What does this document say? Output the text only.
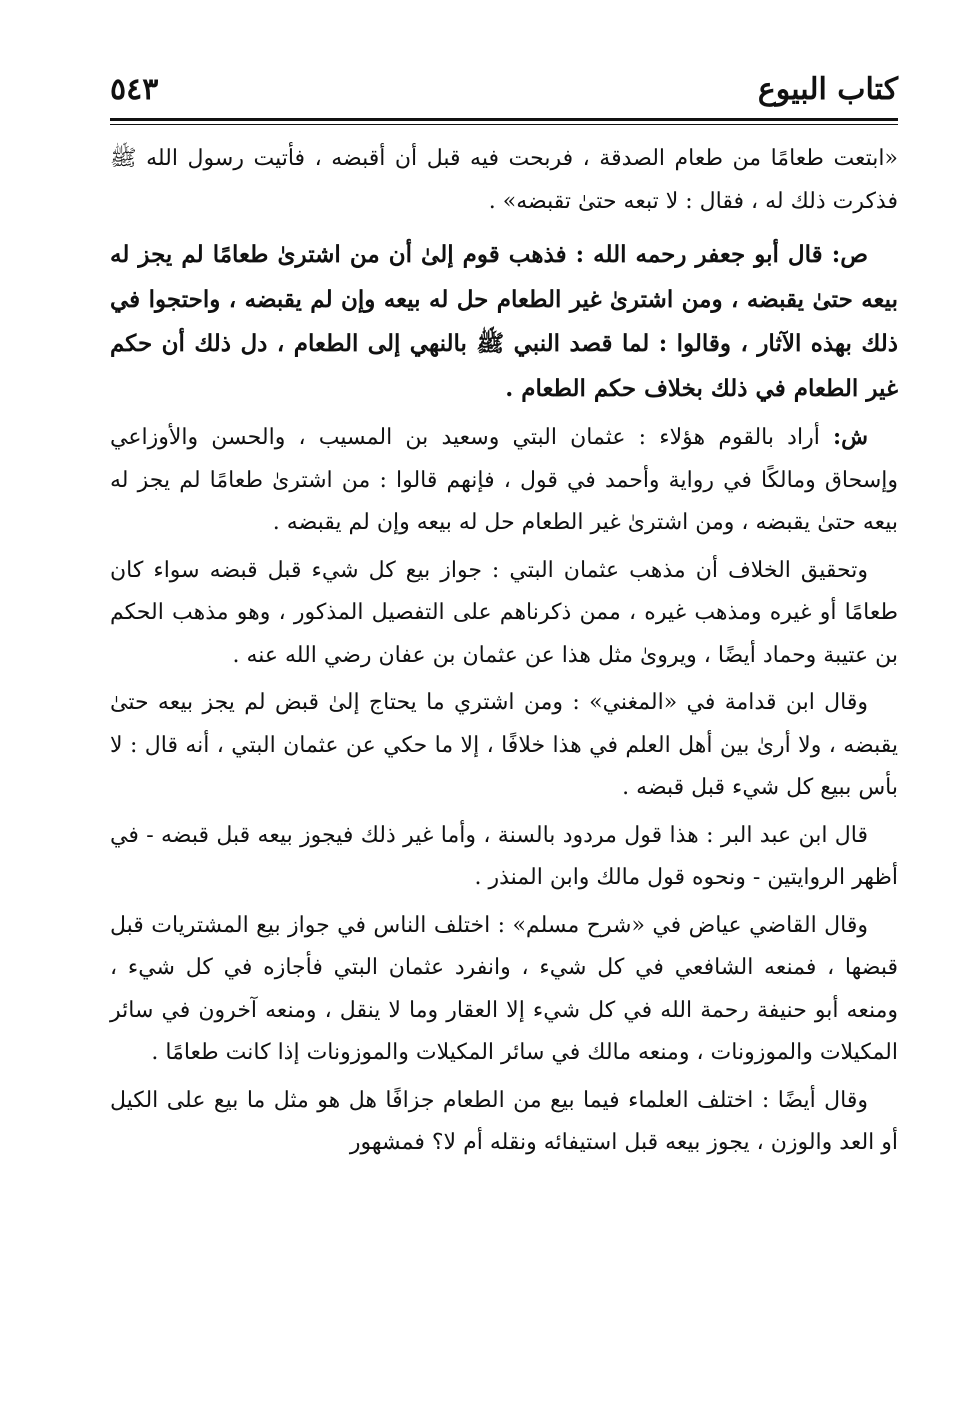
كتاب البيوع
٥٤٣

«ابتعت طعامًا من طعام الصدقة ، فربحت فيه قبل أن أقبضه ، فأتيت رسول الله ﷺ فذكرت ذلك له ، فقال : لا تبعه حتىٰ تقبضه» .

ص: قال أبو جعفر رحمه الله : فذهب قوم إلىٰ أن من اشترىٰ طعامًا لم يجز له بيعه حتىٰ يقبضه ، ومن اشترىٰ غير الطعام حل له بيعه وإن لم يقبضه ، واحتجوا في ذلك بهذه الآثار ، وقالوا : لما قصد النبي ﷺ بالنهي إلى الطعام ، دل ذلك أن حكم غير الطعام في ذلك بخلاف حكم الطعام .

ش: أراد بالقوم هؤلاء : عثمان البتي وسعيد بن المسيب ، والحسن والأوزاعي وإسحاق ومالكًا في رواية وأحمد في قول ، فإنهم قالوا : من اشترىٰ طعامًا لم يجز له بيعه حتىٰ يقبضه ، ومن اشترىٰ غير الطعام حل له بيعه وإن لم يقبضه .

وتحقيق الخلاف أن مذهب عثمان البتي : جواز بيع كل شيء قبل قبضه سواء كان طعامًا أو غيره ومذهب غيره ، ممن ذكرناهم على التفصيل المذكور ، وهو مذهب الحكم بن عتيبة وحماد أيضًا ، ويروىٰ مثل هذا عن عثمان بن عفان رضي الله عنه .

وقال ابن قدامة في «المغني» : ومن اشتري ما يحتاج إلىٰ قبض لم يجز بيعه حتىٰ يقبضه ، ولا أرىٰ بين أهل العلم في هذا خلافًا ، إلا ما حكي عن عثمان البتي ، أنه قال : لا بأس ببيع كل شيء قبل قبضه .

قال ابن عبد البر : هذا قول مردود بالسنة ، وأما غير ذلك فيجوز بيعه قبل قبضه - في أظهر الروايتين - ونحوه قول مالك وابن المنذر .

وقال القاضي عياض في «شرح مسلم» : اختلف الناس في جواز بيع المشتريات قبل قبضها ، فمنعه الشافعي في كل شيء ، وانفرد عثمان البتي فأجازه في كل شيء ، ومنعه أبو حنيفة رحمة الله في كل شيء إلا العقار وما لا ينقل ، ومنعه آخرون في سائر المكيلات والموزونات ، ومنعه مالك في سائر المكيلات والموزونات إذا كانت طعامًا .

وقال أيضًا : اختلف العلماء فيما بيع من الطعام جزافًا هل هو مثل ما بيع على الكيل أو العد والوزن ، يجوز بيعه قبل استيفائه ونقله أم لا؟ فمشهور
